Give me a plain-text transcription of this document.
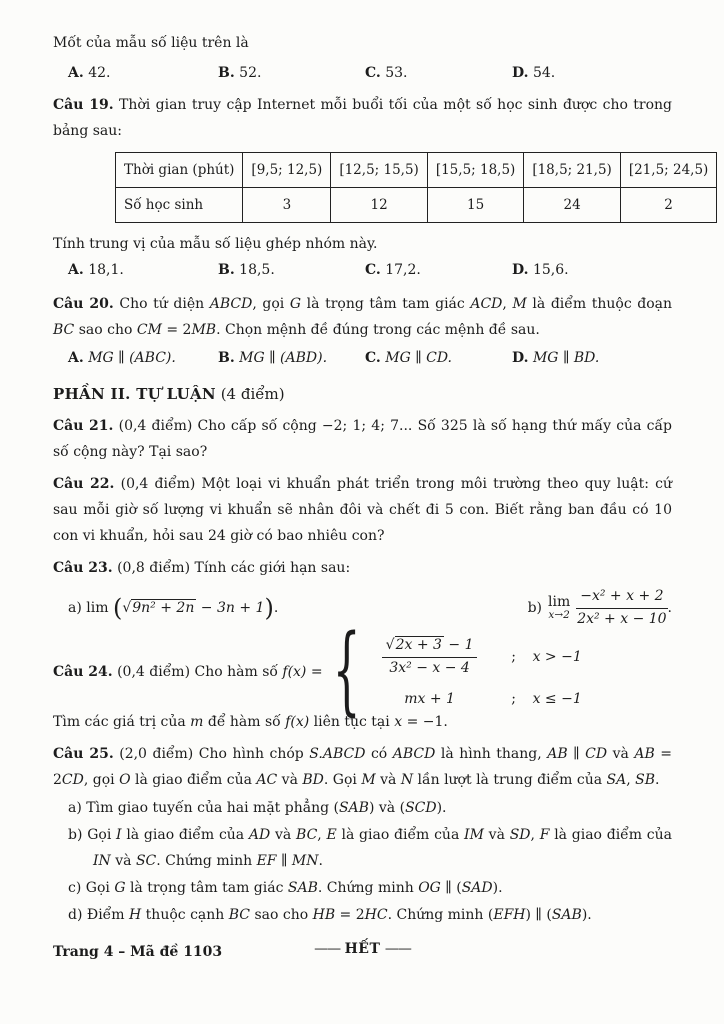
Mốt của mẫu số liệu trên là

A. 42.	B. 52.	C. 53.	D. 54.

Câu 19. Thời gian truy cập Internet mỗi buổi tối của một số học sinh được cho trong bảng sau:

Thời gian (phút)	[9,5; 12,5)	[12,5; 15,5)	[15,5; 18,5)	[18,5; 21,5)	[21,5; 24,5)
Số học sinh	3	12	15	24	2

Tính trung vị của mẫu số liệu ghép nhóm này.

A. 18,1.	B. 18,5.	C. 17,2.	D. 15,6.

Câu 20. Cho tứ diện ABCD, gọi G là trọng tâm tam giác ACD, M là điểm thuộc đoạn BC sao cho CM = 2MB. Chọn mệnh đề đúng trong các mệnh đề sau.

A. MG ∥ (ABC).	B. MG ∥ (ABD).	C. MG ∥ CD.	D. MG ∥ BD.

PHẦN II. TỰ LUẬN (4 điểm)

Câu 21. (0,4 điểm) Cho cấp số cộng −2; 1; 4; 7... Số 325 là số hạng thứ mấy của cấp số cộng này? Tại sao?

Câu 22. (0,4 điểm) Một loại vi khuẩn phát triển trong môi trường theo quy luật: cứ sau mỗi giờ số lượng vi khuẩn sẽ nhân đôi và chết đi 5 con. Biết rằng ban đầu có 10 con vi khuẩn, hỏi sau 24 giờ có bao nhiêu con?

Câu 23. (0,8 điểm) Tính các giới hạn sau:

a) lim (√9n² + 2n − 3n + 1).	b) lim
$x\to 2 \frac{\text{−x² + x + 2}}{\text{2x² + x − 10}}$ .
Câu 24. (0,4 điểm) Cho hàm số f(x) = { $\frac{√2x + 3 - 1}{\text{3x² − x − 4}}$	;	x > −1
mx + 1	;	x ≤ −1

Tìm các giá trị của m để hàm số f(x) liên tục tại x = −1.

Câu 25. (2,0 điểm) Cho hình chóp S.ABCD có ABCD là hình thang, AB ∥ CD và AB = 2CD, gọi O là giao điểm của AC và BD. Gọi M và N lần lượt là trung điểm của SA, SB.

a) Tìm giao tuyến của hai mặt phẳng (SAB) và (SCD).
b) Gọi I là giao điểm của AD và BC, E là giao điểm của IM và SD, F là giao điểm của IN và SC. Chứng minh EF ∥ MN.
c) Gọi G là trọng tâm tam giác SAB. Chứng minh OG ∥ (SAD).
d) Điểm H thuộc cạnh BC sao cho HB = 2HC. Chứng minh (EFH) ∥ (SAB).

—— HẾT ——

Trang 4 – Mã đề 1103
